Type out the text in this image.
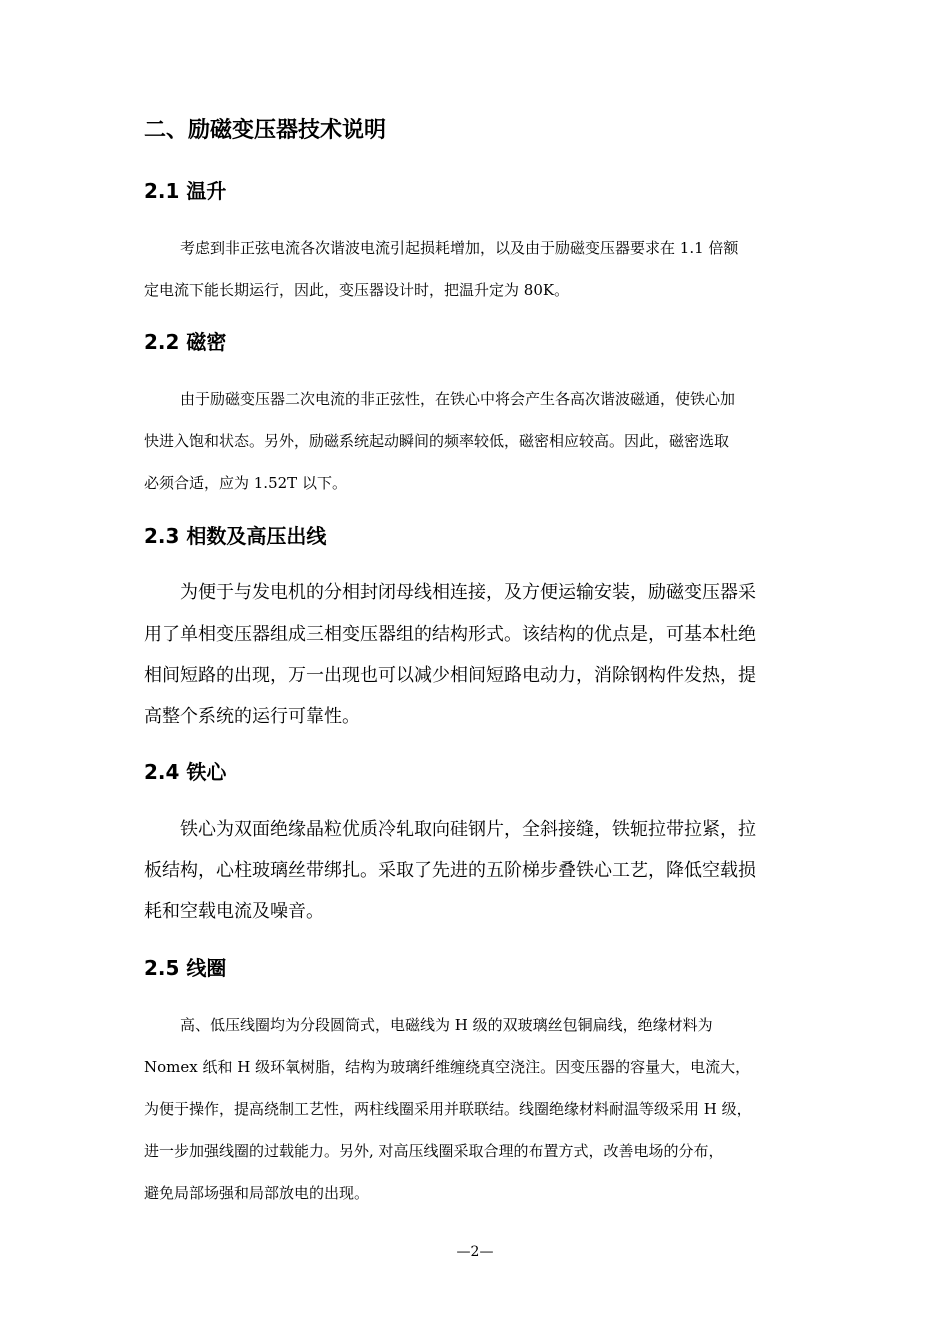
二、励磁变压器技术说明
2.1 温升
考虑到非正弦电流各次谐波电流引起损耗增加，以及由于励磁变压器要求在 1.1 倍额
定电流下能长期运行，因此，变压器设计时，把温升定为 80K。
2.2 磁密
由于励磁变压器二次电流的非正弦性，在铁心中将会产生各高次谐波磁通，使铁心加
快进入饱和状态。另外，励磁系统起动瞬间的频率较低，磁密相应较高。因此，磁密选取
必须合适，应为 1.52T 以下。
2.3 相数及高压出线
为便于与发电机的分相封闭母线相连接，及方便运输安装，励磁变压器采
用了单相变压器组成三相变压器组的结构形式。该结构的优点是，可基本杜绝
相间短路的出现，万一出现也可以减少相间短路电动力，消除钢构件发热，提
高整个系统的运行可靠性。
2.4 铁心
铁心为双面绝缘晶粒优质冷轧取向硅钢片，全斜接缝，铁轭拉带拉紧，拉
板结构，心柱玻璃丝带绑扎。采取了先进的五阶梯步叠铁心工艺，降低空载损
耗和空载电流及噪音。
2.5 线圈
高、低压线圈均为分段圆筒式，电磁线为 H 级的双玻璃丝包铜扁线，绝缘材料为
Nomex 纸和 H 级环氧树脂，结构为玻璃纤维缠绕真空浇注。因变压器的容量大，电流大，
为便于操作，提高绕制工艺性，两柱线圈采用并联联结。线圈绝缘材料耐温等级采用 H 级，
进一步加强线圈的过载能力。另外, 对高压线圈采取合理的布置方式，改善电场的分布，
避免局部场强和局部放电的出现。
—2—
